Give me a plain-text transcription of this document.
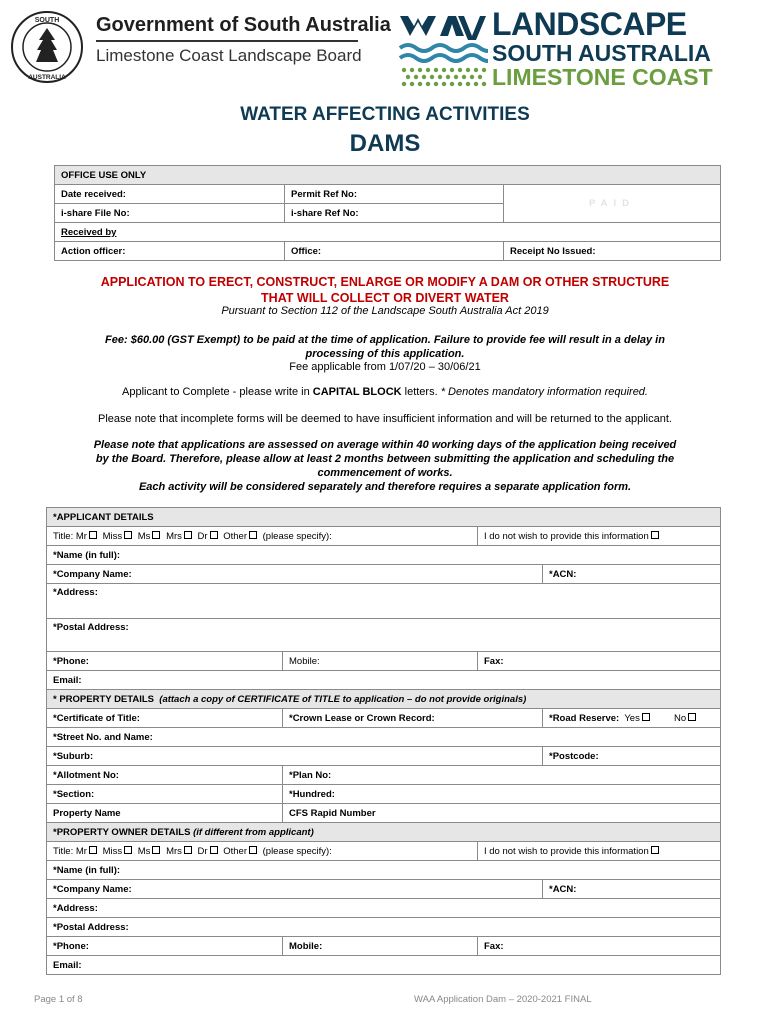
SOUTH
AUSTRALIA
Government of South Australia
Limestone Coast Landscape Board
LANDSCAPE
SOUTH AUSTRALIA
LIMESTONE COAST
WATER AFFECTING ACTIVITIES
DAMS
OFFICE USE ONLY		
Date received:	Permit Ref No:	PAID
i-share File No:	i-share Ref No:	
Received by		
Action officer:	Office:	Receipt No Issued:
APPLICATION TO ERECT, CONSTRUCT, ENLARGE OR MODIFY A DAM OR OTHER STRUCTURE
THAT WILL COLLECT OR DIVERT WATER
Pursuant to Section 112 of the Landscape South Australia Act 2019
Fee: $60.00 (GST Exempt) to be paid at the time of application. Failure to provide fee will result in a delay in
processing of this application.
Fee applicable from 1/07/20 – 30/06/21
Applicant to Complete - please write in CAPITAL BLOCK letters. * Denotes mandatory information required.
Please note that incomplete forms will be deemed to have insufficient information and will be returned to the applicant.
Please note that applications are assessed on average within 40 working days of the application being received
by the Board. Therefore, please allow at least 2 months between submitting the application and scheduling the
commencement of works.
Each activity will be considered separately and therefore requires a separate application form.
*APPLICANT DETAILS			
Title: Mr Miss Ms Mrs Dr Other (please specify):		I do not wish to provide this information	
*Name (in full):			
*Company Name:			*ACN:
*Address:			
*Postal Address:			
*Phone:	Mobile:	Fax:	
Email:			
* PROPERTY DETAILS (attach a copy of CERTIFICATE of TITLE to application – do not provide originals)			
*Certificate of Title:	*Crown Lease or Crown Record:		*Road Reserve: Yes No
*Street No. and Name:			
*Suburb:			*Postcode:
*Allotment No:	*Plan No:		
*Section:	*Hundred:		
Property Name	CFS Rapid Number		
*PROPERTY OWNER DETAILS (if different from applicant)			
Title: Mr Miss Ms Mrs Dr Other (please specify):		I do not wish to provide this information	
*Name (in full):			
*Company Name:			*ACN:
*Address:			
*Postal Address:			
*Phone:	Mobile:	Fax:	
Email:			
Page 1 of 8	WAA Application Dam – 2020-2021 FINAL
